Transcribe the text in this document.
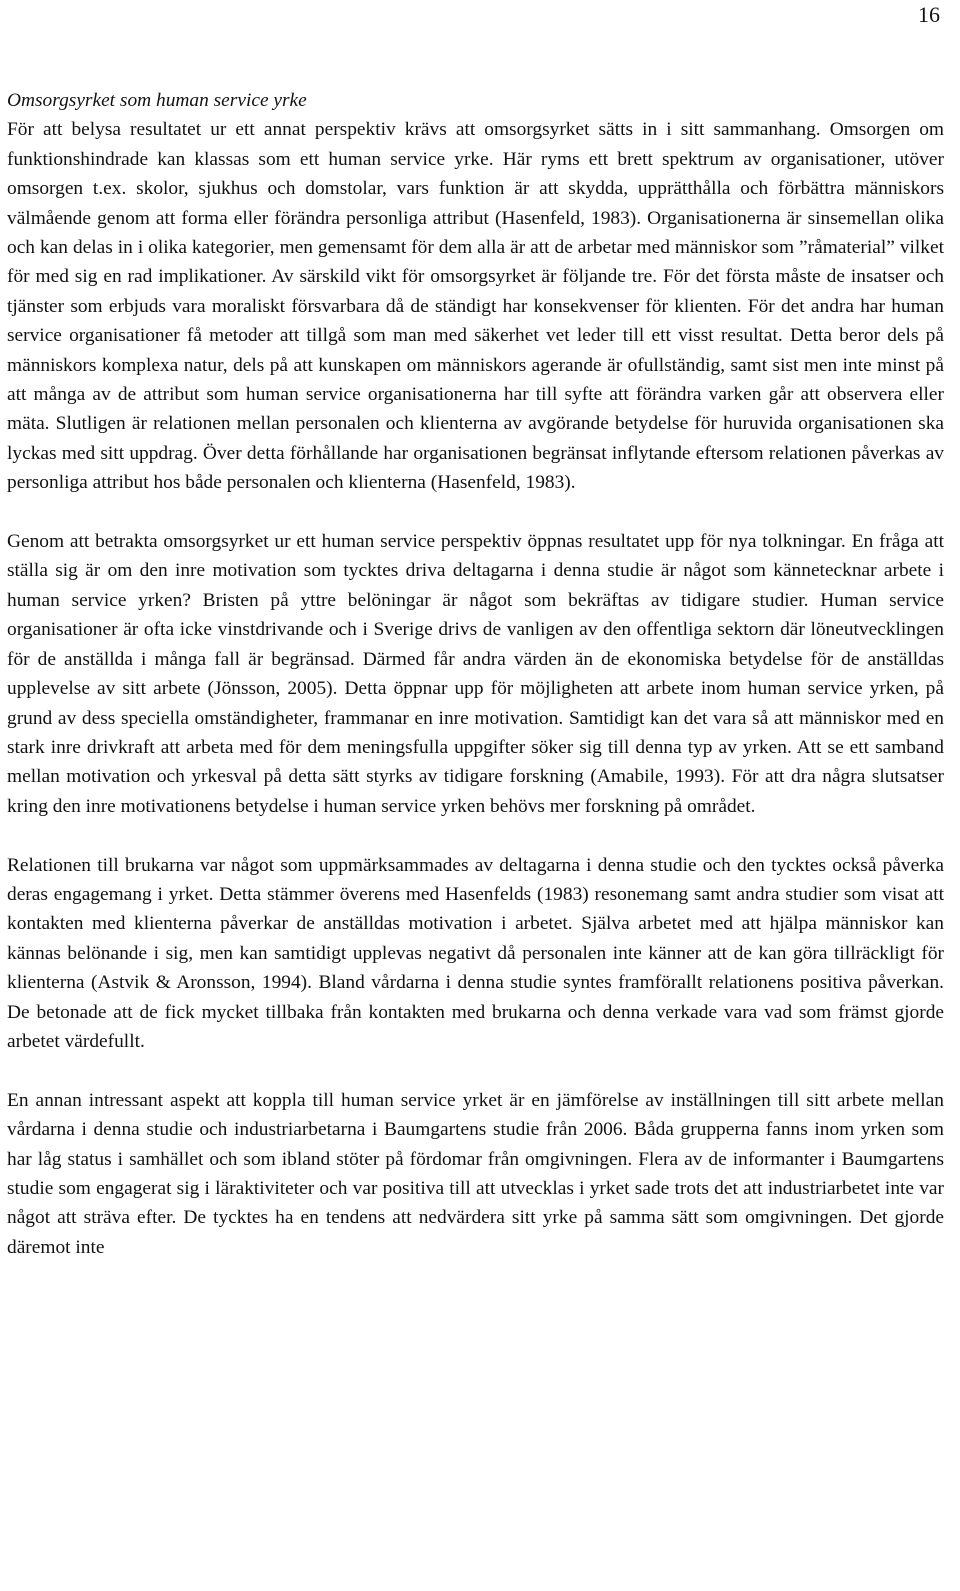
16

Omsorgsyrket som human service yrke

För att belysa resultatet ur ett annat perspektiv krävs att omsorgsyrket sätts in i sitt sammanhang. Omsorgen om funktionshindrade kan klassas som ett human service yrke. Här ryms ett brett spektrum av organisationer, utöver omsorgen t.ex. skolor, sjukhus och domstolar, vars funktion är att skydda, upprätthålla och förbättra människors välmående genom att forma eller förändra personliga attribut (Hasenfeld, 1983). Organisationerna är sinsemellan olika och kan delas in i olika kategorier, men gemensamt för dem alla är att de arbetar med människor som ”råmaterial” vilket för med sig en rad implikationer. Av särskild vikt för omsorgsyrket är följande tre. För det första måste de insatser och tjänster som erbjuds vara moraliskt försvarbara då de ständigt har konsekvenser för klienten. För det andra har human service organisationer få metoder att tillgå som man med säkerhet vet leder till ett visst resultat. Detta beror dels på människors komplexa natur, dels på att kunskapen om människors agerande är ofullständig, samt sist men inte minst på att många av de attribut som human service organisationerna har till syfte att förändra varken går att observera eller mäta. Slutligen är relationen mellan personalen och klienterna av avgörande betydelse för huruvida organisationen ska lyckas med sitt uppdrag. Över detta förhållande har organisationen begränsat inflytande eftersom relationen påverkas av personliga attribut hos både personalen och klienterna (Hasenfeld, 1983).

Genom att betrakta omsorgsyrket ur ett human service perspektiv öppnas resultatet upp för nya tolkningar. En fråga att ställa sig är om den inre motivation som tycktes driva deltagarna i denna studie är något som kännetecknar arbete i human service yrken? Bristen på yttre belöningar är något som bekräftas av tidigare studier. Human service organisationer är ofta icke vinstdrivande och i Sverige drivs de vanligen av den offentliga sektorn där löneutvecklingen för de anställda i många fall är begränsad. Därmed får andra värden än de ekonomiska betydelse för de anställdas upplevelse av sitt arbete (Jönsson, 2005). Detta öppnar upp för möjligheten att arbete inom human service yrken, på grund av dess speciella omständigheter, frammanar en inre motivation. Samtidigt kan det vara så att människor med en stark inre drivkraft att arbeta med för dem meningsfulla uppgifter söker sig till denna typ av yrken. Att se ett samband mellan motivation och yrkesval på detta sätt styrks av tidigare forskning (Amabile, 1993). För att dra några slutsatser kring den inre motivationens betydelse i human service yrken behövs mer forskning på området.

Relationen till brukarna var något som uppmärksammades av deltagarna i denna studie och den tycktes också påverka deras engagemang i yrket. Detta stämmer överens med Hasenfelds (1983) resonemang samt andra studier som visat att kontakten med klienterna påverkar de anställdas motivation i arbetet. Själva arbetet med att hjälpa människor kan kännas belönande i sig, men kan samtidigt upplevas negativt då personalen inte känner att de kan göra tillräckligt för klienterna (Astvik & Aronsson, 1994). Bland vårdarna i denna studie syntes framförallt relationens positiva påverkan. De betonade att de fick mycket tillbaka från kontakten med brukarna och denna verkade vara vad som främst gjorde arbetet värdefullt.

En annan intressant aspekt att koppla till human service yrket är en jämförelse av inställningen till sitt arbete mellan vårdarna i denna studie och industriarbetarna i Baumgartens studie från 2006. Båda grupperna fanns inom yrken som har låg status i samhället och som ibland stöter på fördomar från omgivningen. Flera av de informanter i Baumgartens studie som engagerat sig i läraktiviteter och var positiva till att utvecklas i yrket sade trots det att industriarbetet inte var något att sträva efter. De tycktes ha en tendens att nedvärdera sitt yrke på samma sätt som omgivningen. Det gjorde däremot inte
